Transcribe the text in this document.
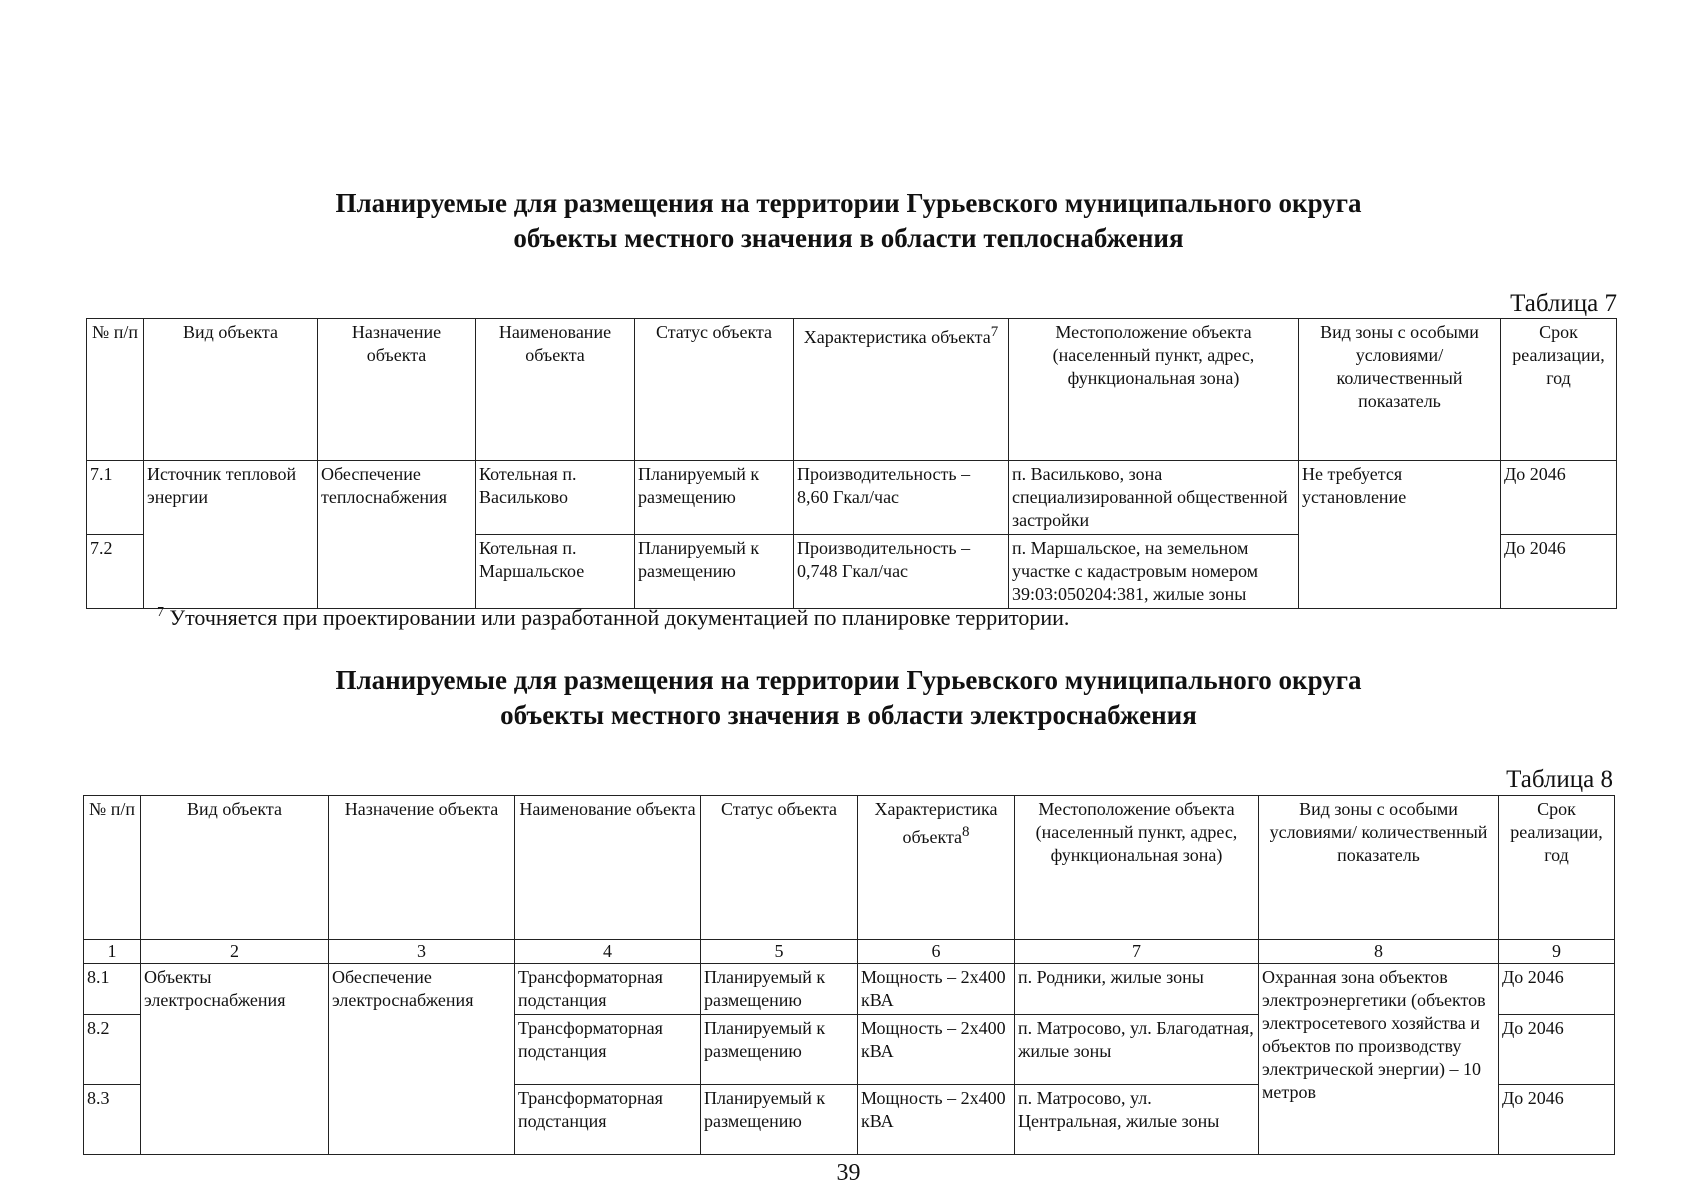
Планируемые для размещения на территории Гурьевского муниципального округа
объекты местного значения в области теплоснабжения
Таблица 7
№ п/п	Вид объекта	Назначение объекта	Наименование объекта	Статус объекта	Характеристика объекта$^7$	Местоположение объекта (населенный пункт, адрес, функциональная зона)	Вид зоны с особыми условиями/ количественный показатель	Срок реализации, год
7.1	Источник тепловой энергии	Обеспечение теплоснабжения	Котельная п. Васильково	Планируемый к размещению	Производительность – 8,60 Гкал/час	п. Васильково, зона специализированной общественной застройки	Не требуется установление	До 2046
7.2			Котельная п. Маршальское	Планируемый к размещению	Производительность – 0,748 Гкал/час	п. Маршальское, на земельном участке с кадастровым номером 39:03:050204:381, жилые зоны		До 2046
$^7$ Уточняется при проектировании или разработанной документацией по планировке территории.
Планируемые для размещения на территории Гурьевского муниципального округа
объекты местного значения в области электроснабжения
Таблица 8
№ п/п	Вид объекта	Назначение объекта	Наименование объекта	Статус объекта	Характеристика объекта$^8$	Местоположение объекта (населенный пункт, адрес, функциональная зона)	Вид зоны с особыми условиями/ количественный показатель	Срок реализации, год
1	2	3	4	5	6	7	8	9
8.1	Объекты электроснабжения	Обеспечение электроснабжения	Трансформаторная подстанция	Планируемый к размещению	Мощность – 2х400 кВА	п. Родники, жилые зоны	Охранная зона объектов электроэнергетики (объектов электросетевого хозяйства и объектов по производству электрической энергии) – 10 метров	До 2046
8.2			Трансформаторная подстанция	Планируемый к размещению	Мощность – 2х400 кВА	п. Матросово, ул. Благодатная, жилые зоны		До 2046
8.3			Трансформаторная подстанция	Планируемый к размещению	Мощность – 2х400 кВА	п. Матросово, ул. Центральная, жилые зоны		До 2046
39
